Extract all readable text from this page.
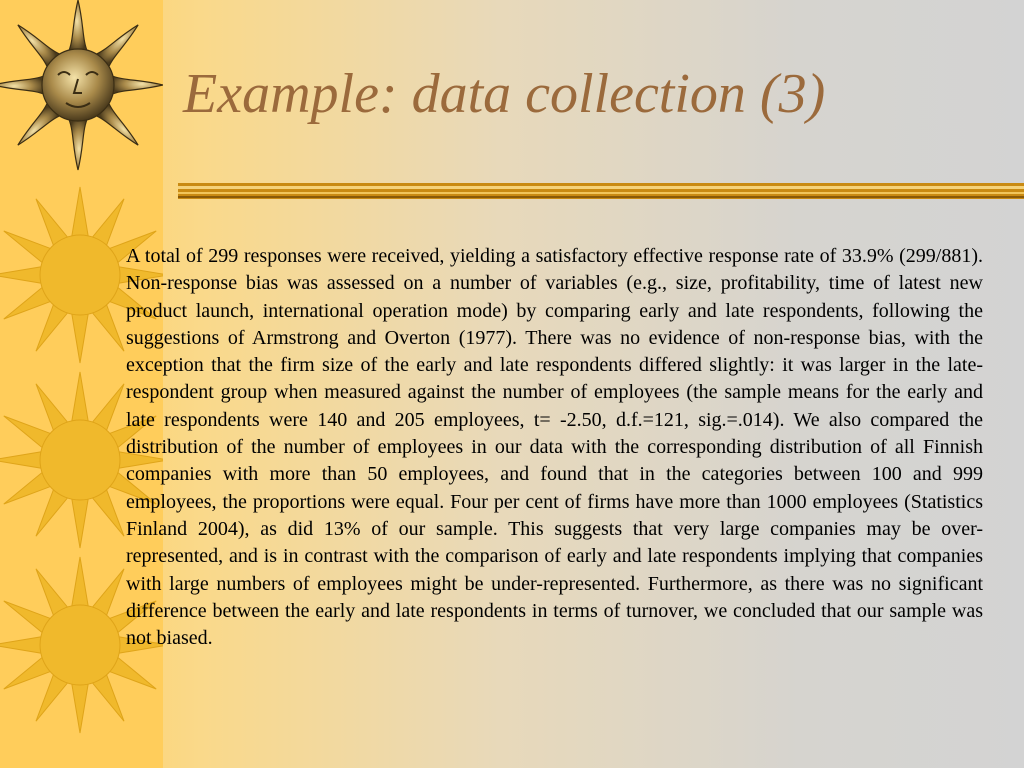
Example: data collection (3)

A total of 299 responses were received, yielding a satisfactory effective response rate of 33.9% (299/881). Non-response bias was assessed on a number of variables (e.g., size, profitability, time of latest new product launch, international operation mode) by comparing early and late respondents, following the suggestions of Armstrong and Overton (1977). There was no evidence of non-response bias, with the exception that the firm size of the early and late respondents differed slightly: it was larger in the late-respondent group when measured against the number of employees (the sample means for the early and late respondents were 140 and 205 employees, t= -2.50, d.f.=121, sig.=.014). We also compared the distribution of the number of employees in our data with the corresponding distribution of all Finnish companies with more than 50 employees, and found that in the categories between 100 and 999 employees, the proportions were equal. Four per cent of firms have more than 1000 employees (Statistics Finland 2004), as did 13% of our sample. This suggests that very large companies may be over-represented, and is in contrast with the comparison of early and late respondents implying that companies with large numbers of employees might be under-represented. Furthermore, as there was no significant difference between the early and late respondents in terms of turnover, we concluded that our sample was not biased.
